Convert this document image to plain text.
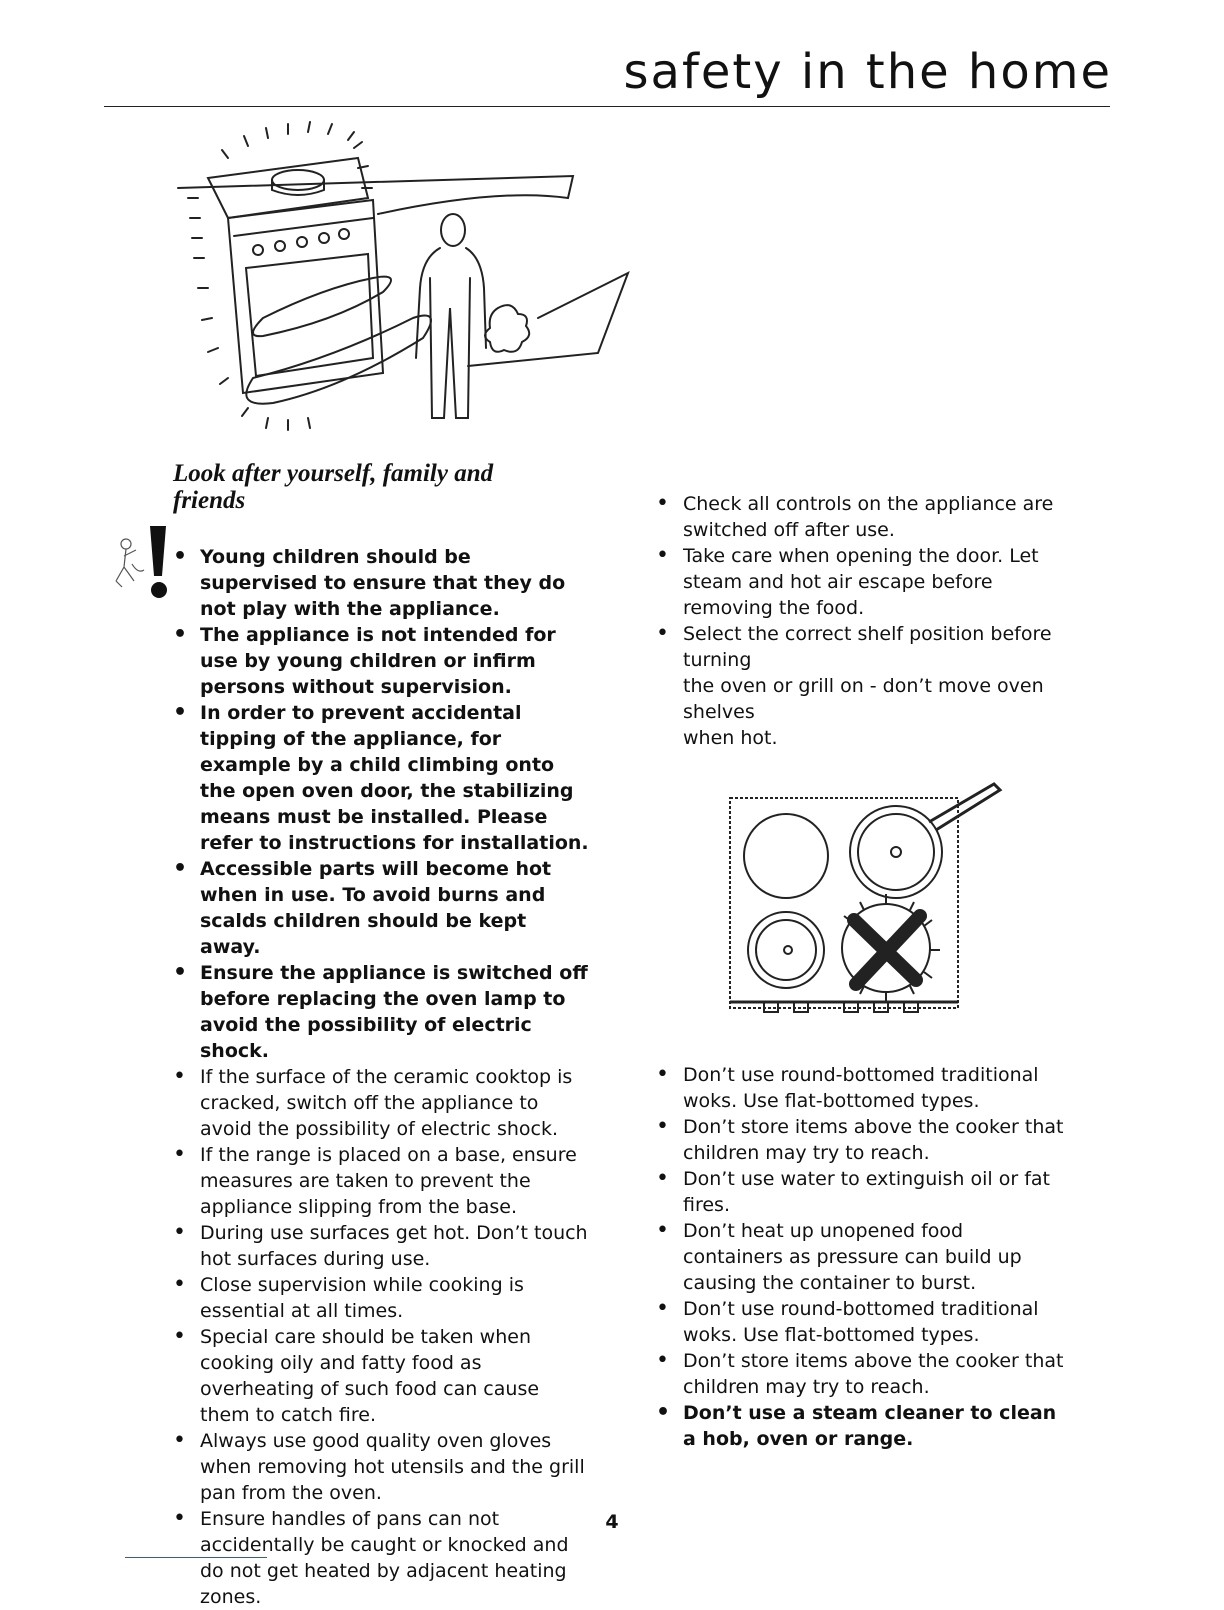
safety in the home
Look after yourself, family and friends
• Young children should be supervised to ensure that they do not play with the appliance.
• The appliance is not intended for use by young children or infirm persons without supervision.
• In order to prevent accidental tipping of the appliance, for example by a child climbing onto the open oven door, the stabilizing means must be installed. Please refer to instructions for installation.
• Accessible parts will become hot when in use. To avoid burns and scalds children should be kept away.
• Ensure the appliance is switched off before replacing the oven lamp to avoid the possibility of electric shock.
• If the surface of the ceramic cooktop is cracked, switch off the appliance to avoid the possibility of electric shock.
• If the range is placed on a base, ensure measures are taken to prevent the appliance slipping from the base.
• During use surfaces get hot. Don’t touch hot surfaces during use.
• Close supervision while cooking is essential at all times.
• Special care should be taken when cooking oily and fatty food as overheating of such food can cause them to catch fire.
• Always use good quality oven gloves when removing hot utensils and the grill pan from the oven.
• Ensure handles of pans can not accidentally be caught or knocked and do not get heated by adjacent heating zones.
• Check all controls on the appliance are switched off after use.
• Take care when opening the door. Let steam and hot air escape before removing the food.
• Select the correct shelf position before turning
the oven or grill on - don’t move oven shelves
when hot.
• Don’t use round-bottomed traditional woks. Use flat-bottomed types.
• Don’t store items above the cooker that children may try to reach.
• Don’t use water to extinguish oil or fat fires.
• Don’t heat up unopened food containers as pressure can build up causing the container to burst.
• Don’t use round-bottomed traditional woks. Use flat-bottomed types.
• Don’t store items above the cooker that children may try to reach.
• Don’t use a steam cleaner to clean a hob, oven or range.
4
